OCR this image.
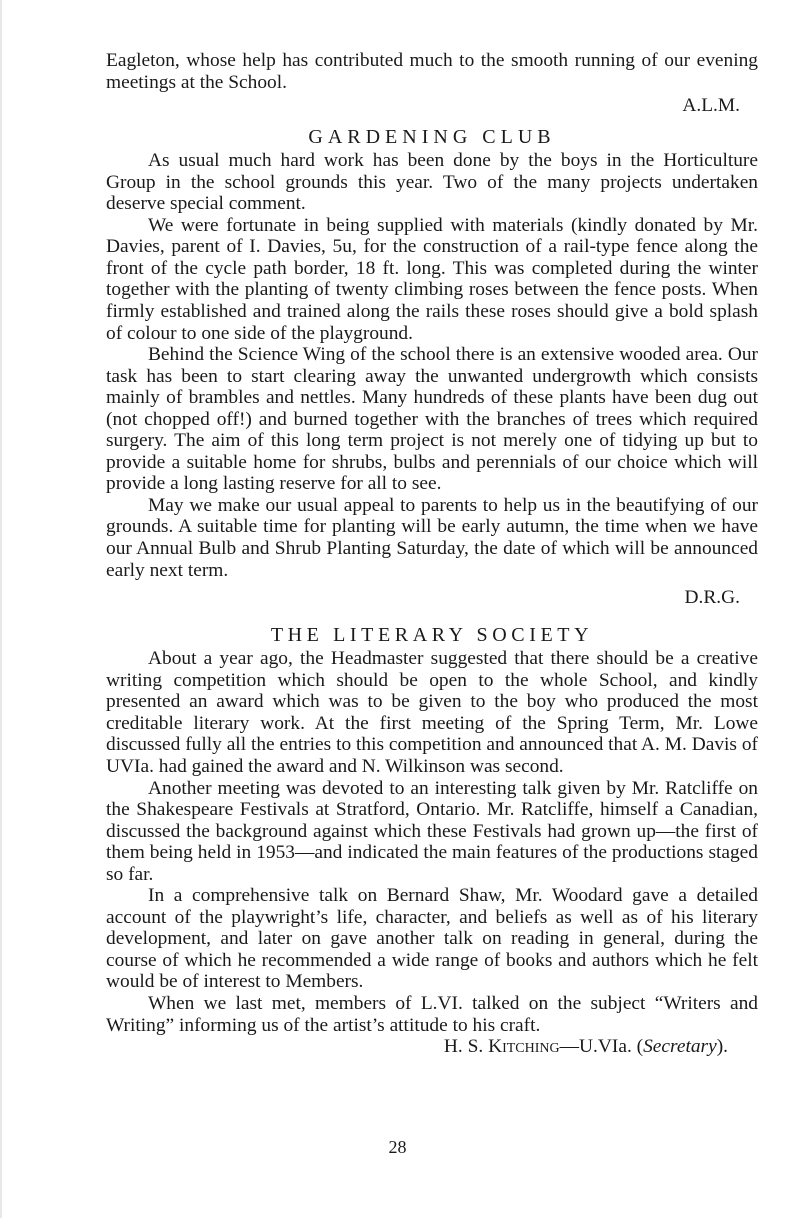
Eagleton, whose help has contributed much to the smooth running of our evening meetings at the School.

A.L.M.

GARDENING CLUB

As usual much hard work has been done by the boys in the Horticulture Group in the school grounds this year. Two of the many projects undertaken deserve special comment.

We were fortunate in being supplied with materials (kindly donated by Mr. Davies, parent of I. Davies, 5u, for the construction of a rail-type fence along the front of the cycle path border, 18 ft. long. This was completed during the winter together with the planting of twenty climbing roses between the fence posts. When firmly established and trained along the rails these roses should give a bold splash of colour to one side of the playground.

Behind the Science Wing of the school there is an extensive wooded area. Our task has been to start clearing away the unwanted undergrowth which consists mainly of brambles and nettles. Many hundreds of these plants have been dug out (not chopped off!) and burned together with the branches of trees which required surgery. The aim of this long term project is not merely one of tidying up but to provide a suitable home for shrubs, bulbs and perennials of our choice which will provide a long lasting reserve for all to see.

May we make our usual appeal to parents to help us in the beautifying of our grounds. A suitable time for planting will be early autumn, the time when we have our Annual Bulb and Shrub Planting Saturday, the date of which will be announced early next term.

D.R.G.

THE LITERARY SOCIETY

About a year ago, the Headmaster suggested that there should be a creative writing competition which should be open to the whole School, and kindly presented an award which was to be given to the boy who produced the most creditable literary work. At the first meeting of the Spring Term, Mr. Lowe discussed fully all the entries to this competition and announced that A. M. Davis of UVIa. had gained the award and N. Wilkinson was second.

Another meeting was devoted to an interesting talk given by Mr. Ratcliffe on the Shakespeare Festivals at Stratford, Ontario. Mr. Ratcliffe, himself a Canadian, discussed the background against which these Festivals had grown up—the first of them being held in 1953—and indicated the main features of the productions staged so far.

In a comprehensive talk on Bernard Shaw, Mr. Woodard gave a detailed account of the playwright’s life, character, and beliefs as well as of his literary development, and later on gave another talk on reading in general, during the course of which he recommended a wide range of books and authors which he felt would be of interest to Members.

When we last met, members of L.VI. talked on the subject “Writers and Writing” informing us of the artist’s attitude to his craft.

H. S. Kitching—U.VIa. (Secretary).

28
